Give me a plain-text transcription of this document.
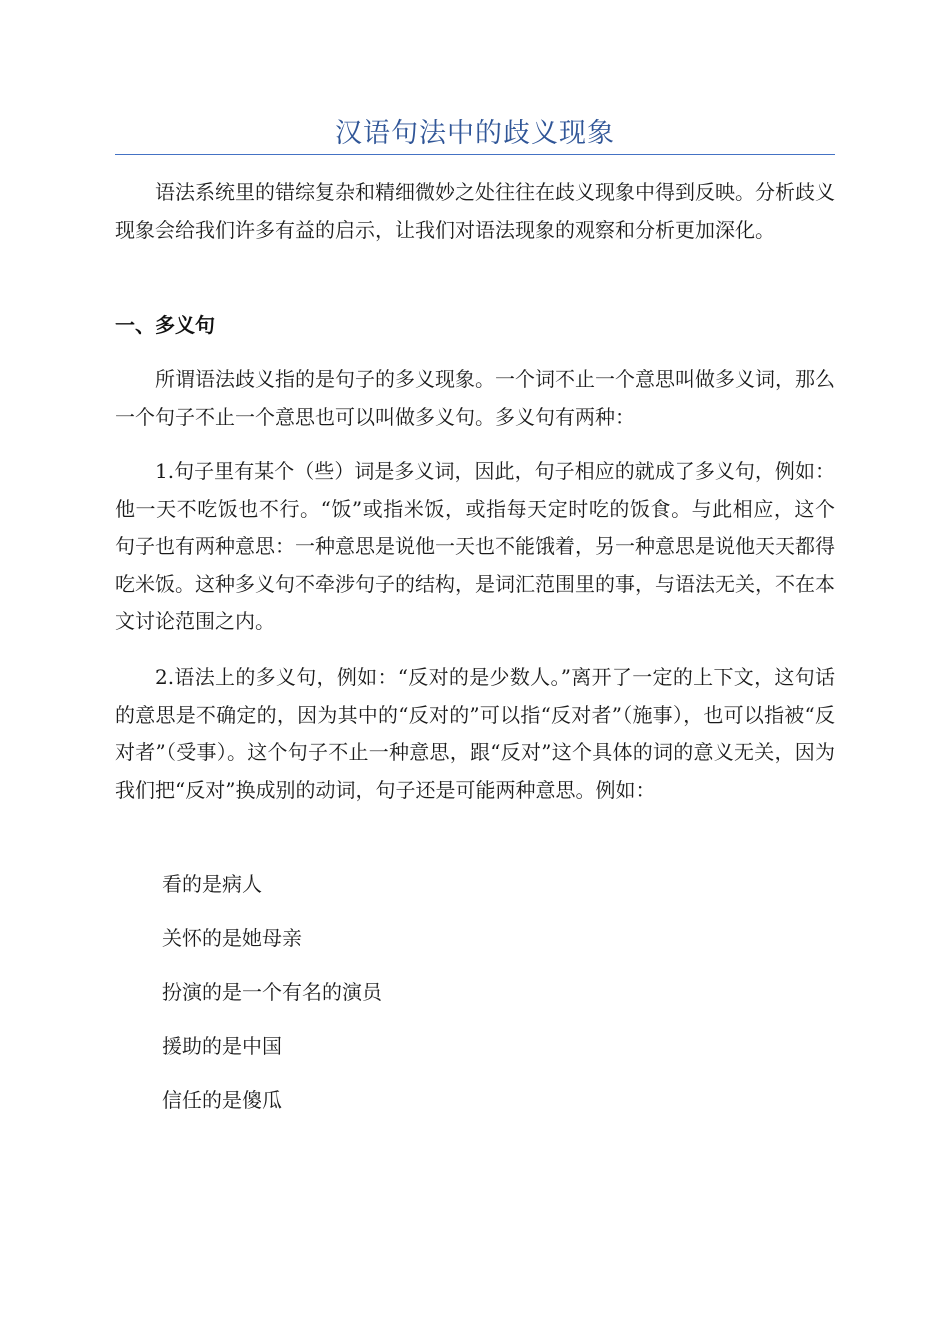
汉语句法中的歧义现象
语法系统里的错综复杂和精细微妙之处往往在歧义现象中得到反映。分析歧义现象会给我们许多有益的启示，让我们对语法现象的观察和分析更加深化。
一、多义句
所谓语法歧义指的是句子的多义现象。一个词不止一个意思叫做多义词，那么一个句子不止一个意思也可以叫做多义句。多义句有两种：
1.句子里有某个（些）词是多义词，因此，句子相应的就成了多义句，例如：他一天不吃饭也不行。“饭”或指米饭，或指每天定时吃的饭食。与此相应，这个句子也有两种意思：一种意思是说他一天也不能饿着，另一种意思是说他天天都得吃米饭。这种多义句不牵涉句子的结构，是词汇范围里的事，与语法无关，不在本文讨论范围之内。
2.语法上的多义句，例如：“反对的是少数人。”离开了一定的上下文，这句话的意思是不确定的，因为其中的“反对的”可以指“反对者”（施事），也可以指被“反对者”（受事）。这个句子不止一种意思，跟“反对”这个具体的词的意义无关，因为我们把“反对”换成别的动词，句子还是可能两种意思。例如：
看的是病人
关怀的是她母亲
扮演的是一个有名的演员
援助的是中国
信任的是傻瓜
